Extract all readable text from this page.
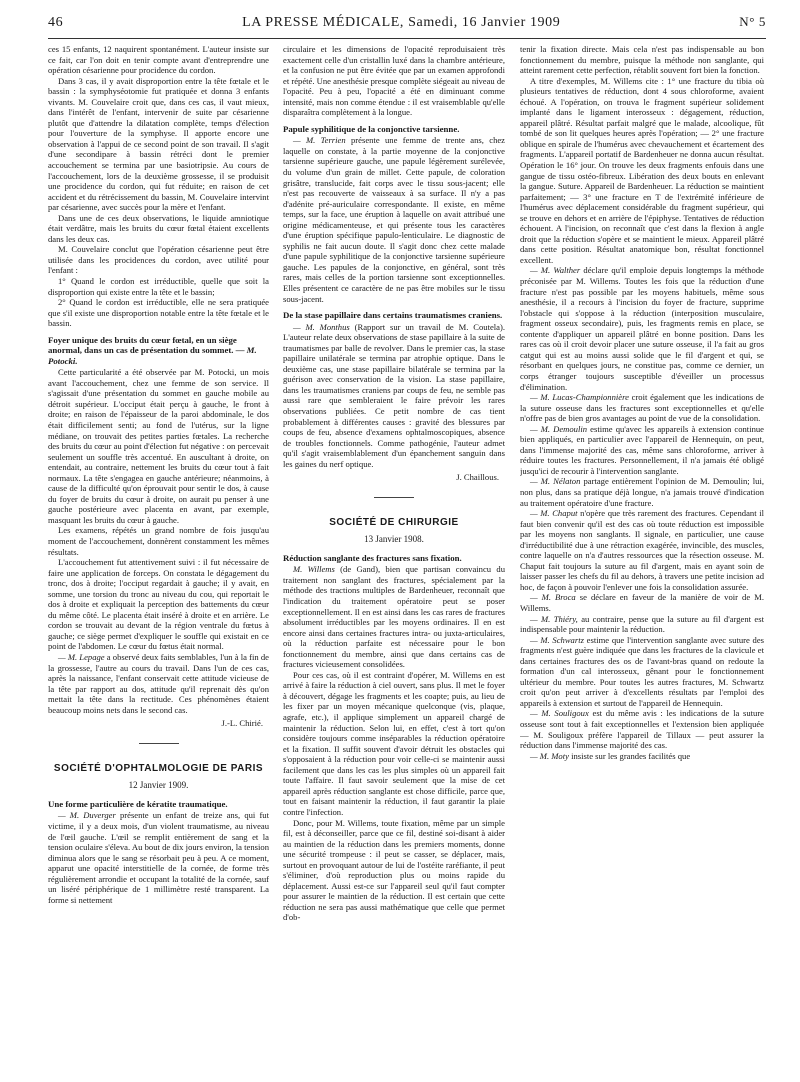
46	LA PRESSE MÉDICALE, Samedi, 16 Janvier 1909	N° 5

ces 15 enfants, 12 naquirent spontanément. L'auteur insiste sur ce fait, car l'on doit en tenir compte avant d'entreprendre une opération césarienne pour procidence du cordon.

Dans 3 cas, il y avait disproportion entre la tête fœtale et le bassin : la symphyséotomie fut pratiquée et donna 3 enfants vivants. M. Couvelaire croit que, dans ces cas, il vaut mieux, dans l'intérêt de l'enfant, intervenir de suite par césarienne plutôt que d'attendre la dilatation complète, temps d'élection pour l'ouverture de la symphyse. Il apporte encore une observation à l'appui de ce second point de son travail. Il s'agit d'une secondipare à bassin rétréci dont le premier accouchement se termina par une basiotripsie. Au cours de l'accouchement, lors de la deuxième grossesse, il se produisit une procidence du cordon, qui fut réduite; en raison de cet accident et du rétrécissement du bassin, M. Couvelaire intervint par césarienne, avec succès pour la mère et l'enfant.

Dans une de ces deux observations, le liquide amniotique était verdâtre, mais les bruits du cœur fœtal étaient excellents dans les deux cas.

M. Couvelaire conclut que l'opération césarienne peut être utilisée dans les procidences du cordon, avec utilité pour l'enfant :

1° Quand le cordon est irréductible, quelle que soit la disproportion qui existe entre la tête et le bassin;

2° Quand le cordon est irréductible, elle ne sera pratiquée que s'il existe une disproportion notable entre la tête fœtale et le bassin.

Foyer unique des bruits du cœur fœtal, en un siège anormal, dans un cas de présentation du sommet. — M. Potocki.

Cette particularité a été observée par M. Potocki, un mois avant l'accouchement, chez une femme de son service. Il s'agissait d'une présentation du sommet en gauche mobile au détroit supérieur. L'occiput était perçu à gauche, le front à droite; en raison de l'épaisseur de la paroi abdominale, le dos était difficilement senti; au fond de l'utérus, sur la ligne médiane, on trouvait des petites parties fœtales. La recherche des bruits du cœur au point d'élection fut négative : on percevait seulement un souffle très accentué. En auscultant à droite, on entendait, au contraire, nettement les bruits du cœur tout à fait normaux. La tête s'engagea en gauche antérieure; néanmoins, à cause de la difficulté qu'on éprouvait pour sentir le dos, à cause du foyer de bruits du cœur à droite, on aurait pu penser à une gauche postérieure avec placenta en avant, par exemple, masquant les bruits du cœur à gauche.

Les examens, répétés un grand nombre de fois jusqu'au moment de l'accouchement, donnèrent constamment les mêmes résultats.

L'accouchement fut attentivement suivi : il fut nécessaire de faire une application de forceps. On constata le dégagement du tronc, dos à droite; l'occiput regardait à gauche; il y avait, en somme, une torsion du tronc au niveau du cou, qui reportait le dos à droite et expliquait la perception des battements du cœur du même côté. Le placenta était inséré à droite et en arrière. Le cordon se trouvait au devant de la région ventrale du fœtus à gauche; ce siège permet d'expliquer le souffle qui existait en ce point de l'abdomen. Le cœur du fœtus était normal.

— M. Lepage a observé deux faits semblables, l'un à la fin de la grossesse, l'autre au cours du travail. Dans l'un de ces cas, après la naissance, l'enfant conservait cette attitude vicieuse de la tête par rapport au dos, attitude qu'il reprenait dès qu'on mettait la tête dans la rectitude. Ces phénomènes étaient beaucoup moins nets dans le second cas.

J.-L. Chirié.

SOCIÉTÉ D'OPHTALMOLOGIE DE PARIS
12 Janvier 1909.
Une forme particulière de kératite traumatique.

— M. Duverger présente un enfant de treize ans, qui fut victime, il y a deux mois, d'un violent traumatisme, au niveau de l'œil gauche. L'œil se remplit entièrement de sang et la tension oculaire s'éleva. Au bout de dix jours environ, la tension diminua alors que le sang se résorbait peu à peu. A ce moment, apparut une opacité interstitielle de la cornée, de forme très régulièrement arrondie et occupant la totalité de la cornée, sauf un liséré périphérique de 1 millimètre resté transparent. La forme si nettement

circulaire et les dimensions de l'opacité reproduisaient très exactement celle d'un cristallin luxé dans la chambre antérieure, et la confusion ne put être évitée que par un examen approfondi et répété. Une anesthésie presque complète siégeait au niveau de l'opacité. Peu à peu, l'opacité a été en diminuant comme intensité, mais non comme étendue : il est vraisemblable qu'elle disparaîtra complètement à la longue.

Papule syphilitique de la conjonctive tarsienne.

— M. Terrien présente une femme de trente ans, chez laquelle on constate, à la partie moyenne de la conjonctive tarsienne supérieure gauche, une papule légèrement surélevée, du volume d'un grain de millet. Cette papule, de coloration grisâtre, translucide, fait corps avec le tissu sous-jacent; elle n'est pas recouverte de vaisseaux à sa surface. Il n'y a pas d'adénite pré-auriculaire correspondante. Il existe, en même temps, sur la face, une éruption à laquelle on avait attribué une origine médicamenteuse, et qui présente tous les caractères d'une éruption spécifique papulo-lenticulaire. Le diagnostic de syphilis ne fait aucun doute. Il s'agit donc chez cette malade d'une papule syphilitique de la conjonctive tarsienne supérieure gauche. Les papules de la conjonctive, en général, sont très rares, mais celles de la portion tarsienne sont exceptionnelles. Elles présentent ce caractère de ne pas être mobiles sur le tissu sous-jacent.

De la stase papillaire dans certains traumatismes craniens.

— M. Monthus (Rapport sur un travail de M. Coutela). L'auteur relate deux observations de stase papillaire à la suite de traumatismes par balle de revolver. Dans le premier cas, la stase papillaire unilatérale se termina par atrophie optique. Dans le deuxième cas, une stase papillaire bilatérale se termina par la guérison avec conservation de la vision. La stase papillaire, dans les traumatismes craniens par coups de feu, ne semble pas aussi rare que sembleraient le faire prévoir les rares observations publiées. Ce petit nombre de cas tient probablement à différentes causes : gravité des blessures par coups de feu, absence d'examens ophtalmoscopiques, absence de troubles fonctionnels. Comme pathogénie, l'auteur admet qu'il s'agit vraisemblablement d'un épanchement sanguin dans les gaines du nerf optique.

J. Chaillous.

SOCIÉTÉ DE CHIRURGIE
13 Janvier 1908.
Réduction sanglante des fractures sans fixation.

M. Willems (de Gand), bien que partisan convaincu du traitement non sanglant des fractures, spécialement par la méthode des tractions multiples de Bardenheuer, reconnaît que l'indication du traitement opératoire peut se poser exceptionnellement. Il en est ainsi dans les cas rares de fractures absolument irréductibles par les moyens ordinaires. Il en est encore ainsi dans certaines fractures intra- ou juxta-articulaires, où la réduction parfaite est nécessaire pour le bon fonctionnement du membre, ainsi que dans certains cas de fractures vicieusement consolidées.

Pour ces cas, où il est contraint d'opérer, M. Willems en est arrivé à faire la réduction à ciel ouvert, sans plus. Il met le foyer à découvert, dégage les fragments et les coapte; puis, au lieu de les fixer par un moyen mécanique quelconque (vis, plaque, agrafe, etc.), il applique simplement un appareil chargé de maintenir la réduction. Selon lui, en effet, c'est à tort qu'on considère toujours comme inséparables la réduction opératoire et la fixation. Il suffit souvent d'avoir détruit les obstacles qui s'opposaient à la réduction pour voir celle-ci se maintenir aussi facilement que dans les cas les plus simples où un appareil fait toute l'affaire. Il faut savoir seulement que la mise de cet appareil après réduction sanglante est chose difficile, parce que, tout en faisant maintenir la réduction, il faut garantir la plaie contre l'infection.

Donc, pour M. Willems, toute fixation, même par un simple fil, est à déconseiller, parce que ce fil, destiné soi-disant à aider au maintien de la réduction dans les premiers moments, donne une sécurité trompeuse : il peut se casser, se déplacer, mais, surtout en provoquant autour de lui de l'ostéite raréfiante, il peut s'éliminer, d'où reproduction plus ou moins rapide du déplacement. Aussi est-ce sur l'appareil seul qu'il faut compter pour assurer le maintien de la réduction. Il est certain que cette réduction ne sera pas aussi mathématique que celle que permet d'ob-

tenir la fixation directe. Mais cela n'est pas indispensable au bon fonctionnement du membre, puisque la méthode non sanglante, qui atteint rarement cette perfection, rétablit souvent fort bien la fonction.

A titre d'exemples, M. Willems cite : 1° une fracture du tibia où plusieurs tentatives de réduction, dont 4 sous chloroforme, avaient échoué. A l'opération, on trouva le fragment supérieur solidement implanté dans le ligament interosseux : dégagement, réduction, appareil plâtré. Résultat parfait malgré que le malade, alcoolique, fût tombé de son lit quelques heures après l'opération; — 2° une fracture oblique en spirale de l'humérus avec chevauchement et écartement des fragments. L'appareil portatif de Bardenheuer ne donna aucun résultat. Opération le 16° jour. On trouve les deux fragments enfouis dans une gangue de tissu ostéo-fibreux. Libération des deux bouts en enlevant la gangue. Suture. Appareil de Bardenheuer. La réduction se maintient parfaitement; — 3° une fracture en T de l'extrémité inférieure de l'humérus avec déplacement considérable du fragment supérieur, qui se trouve en dehors et en arrière de l'épiphyse. Tentatives de réduction échouent. A l'incision, on reconnaît que c'est dans la flexion à angle droit que la réduction s'opère et se maintient le mieux. Appareil plâtré dans cette position. Résultat anatomique bon, résultat fonctionnel excellent.

— M. Walther déclare qu'il emploie depuis longtemps la méthode préconisée par M. Willems. Toutes les fois que la réduction d'une fracture n'est pas possible par les moyens habituels, même sous anesthésie, il a recours à l'incision du foyer de fracture, supprime l'obstacle qui s'oppose à la réduction (interposition musculaire, fragment osseux secondaire), puis, les fragments remis en place, se contente d'appliquer un appareil plâtré en bonne position. Dans les rares cas où il croit devoir placer une suture osseuse, il l'a fait au gros catgut qui est au moins aussi solide que le fil d'argent et qui, se résorbant en quelques jours, ne constitue pas, comme ce dernier, un corps étranger toujours susceptible d'éveiller un processus d'élimination.

— M. Lucas-Championnière croit également que les indications de la suture osseuse dans les fractures sont exceptionnelles et qu'elle n'offre pas de bien gros avantages au point de vue de la consolidation.

— M. Demoulin estime qu'avec les appareils à extension continue bien appliqués, en particulier avec l'appareil de Hennequin, on peut, dans l'immense majorité des cas, même sans chloroforme, arriver à réduire toutes les fractures. Personnellement, il n'a jamais été obligé jusqu'ici de recourir à l'intervention sanglante.

— M. Nélaton partage entièrement l'opinion de M. Demoulin; lui, non plus, dans sa pratique déjà longue, n'a jamais trouvé d'indication au traitement opératoire d'une fracture.

— M. Chaput n'opère que très rarement des fractures. Cependant il faut bien convenir qu'il est des cas où toute réduction est impossible par les moyens non sanglants. Il signale, en particulier, une cause d'irréductibilité due à une rétraction exagérée, invincible, des muscles, contre laquelle on n'a d'autres ressources que la résection osseuse. M. Chaput fait toujours la suture au fil d'argent, mais en ayant soin de laisser passer les chefs du fil au dehors, à travers une petite incision ad hoc, de façon à pouvoir l'enlever une fois la consolidation assurée.

— M. Broca se déclare en faveur de la manière de voir de M. Willems.

— M. Thiéry, au contraire, pense que la suture au fil d'argent est indispensable pour maintenir la réduction.

— M. Schwartz estime que l'intervention sanglante avec suture des fragments n'est guère indiquée que dans les fractures de la clavicule et dans certaines fractures des os de l'avant-bras quand on redoute la formation d'un cal interosseux, gênant pour le fonctionnement ultérieur du membre. Pour toutes les autres fractures, M. Schwartz croit qu'on peut arriver à d'excellents résultats par l'emploi des appareils à extension et surtout de l'appareil de Hennequin.

— M. Souligoux est du même avis : les indications de la suture osseuse sont tout à fait exceptionnelles et l'extension bien appliquée — M. Souligoux préfère l'appareil de Tillaux — peut assurer la réduction dans l'immense majorité des cas.

— M. Moty insiste sur les grandes facilités que
